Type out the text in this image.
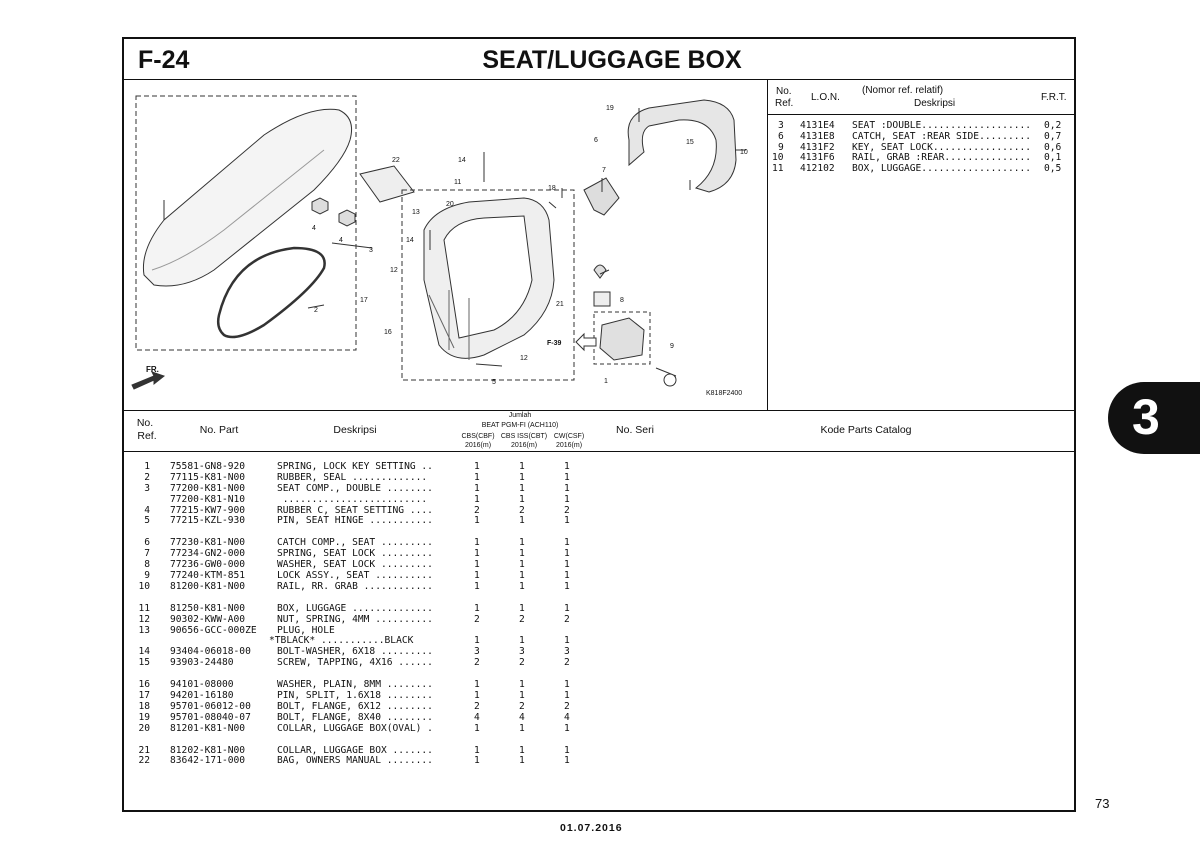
F-24	SEAT/LUGGAGE BOX
No.
Ref.
L.O.N.
(Nomor ref. relatif)
Deskripsi
F.R.T.

3 4131E4 SEAT :DOUBLE................... 0,2

6 4131E8 CATCH, SEAT :REAR SIDE......... 0,7

9 4131F2 KEY, SEAT LOCK................. 0,6

10 4131F6 RAIL, GRAB :REAR............... 0,1

11 412102 BOX, LUGGAGE................... 0,5

1
2
3
4
4
5
6
7
8
9
10
11
12
12
13
14
14
15
16
17
18
19
20
21
22
F-39
FR.
K818F2400
No.
Ref.	No. Part	Deskripsi
Jumlah
BEAT PGM-FI (ACH110)
CBS(CBF)
2016(m)
CBS ISS(CBT)
2016(m)
CW(CSF)
2016(m)
No. Seri	Kode Parts Catalog
1 75581-GN8-920	SPRING, LOCK KEY SETTING ..	1	1	1
2 77115-K81-N00	RUBBER, SEAL .............	1	1	1
3 77200-K81-N00	SEAT COMP., DOUBLE ........	1	1	1
77200-K81-N10	.........................	1	1	1
4 77215-KW7-900	RUBBER C, SEAT SETTING ....	2	2	2
5 77215-KZL-930	PIN, SEAT HINGE ...........	1	1	1
6 77230-K81-N00	CATCH COMP., SEAT .........	1	1	1
7 77234-GN2-000	SPRING, SEAT LOCK .........	1	1	1
8 77236-GW0-000	WASHER, SEAT LOCK .........	1	1	1
9 77240-KTM-851	LOCK ASSY., SEAT ..........	1	1	1
10 81200-K81-N00	RAIL, RR. GRAB ............	1	1	1
11 81250-K81-N00	BOX, LUGGAGE ..............	1	1	1
12 90302-KWW-A00	NUT, SPRING, 4MM ..........	2	2	2
13 90656-GCC-000ZE PLUG, HOLE
*TBLACK* ...........BLACK	1	1	1
14 93404-06018-00	BOLT-WASHER, 6X18 .........	3	3	3
15 93903-24480	SCREW, TAPPING, 4X16 ......	2	2	2
16 94101-08000	WASHER, PLAIN, 8MM ........	1	1	1
17 94201-16180	PIN, SPLIT, 1.6X18 ........	1	1	1
18 95701-06012-00	BOLT, FLANGE, 6X12 ........	2	2	2
19 95701-08040-07	BOLT, FLANGE, 8X40 ........	4	4	4
20 81201-K81-N00	COLLAR, LUGGAGE BOX(OVAL) .	1	1	1
21 81202-K81-N00	COLLAR, LUGGAGE BOX .......	1	1	1
22 83642-171-000	BAG, OWNERS MANUAL ........	1	1	1
3
73
01.07.2016
